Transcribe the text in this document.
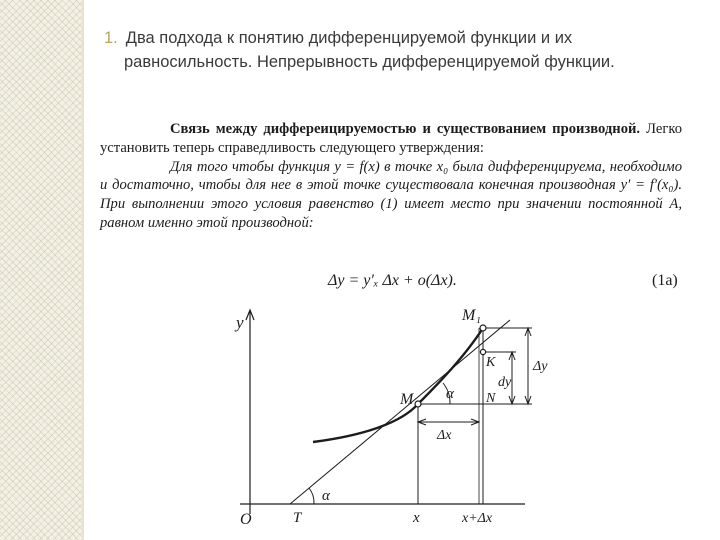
1. Два подхода к понятию дифференцируемой функции и их
равносильность. Непрерывность дифференцируемой функции.

Связь между диффереицируемостью и существованием производной. Легко установить теперь справедливость следующего утверждения:

Для того чтобы функция y = f(x) в точке x₀ была дифференцируема, необходимо и достаточно, чтобы для нее в этой точке существовала конечная производная y′ = f′(x₀). При выполнении этого условия равенство (1) имеет место при значении постоянной A, равном именно этой производной:

Δy = y′ₓ Δx + o(Δx).	(1a)
y
O	T	x	x+Δx
M
M₁
K
N
α
α
Δx
dy
Δy
